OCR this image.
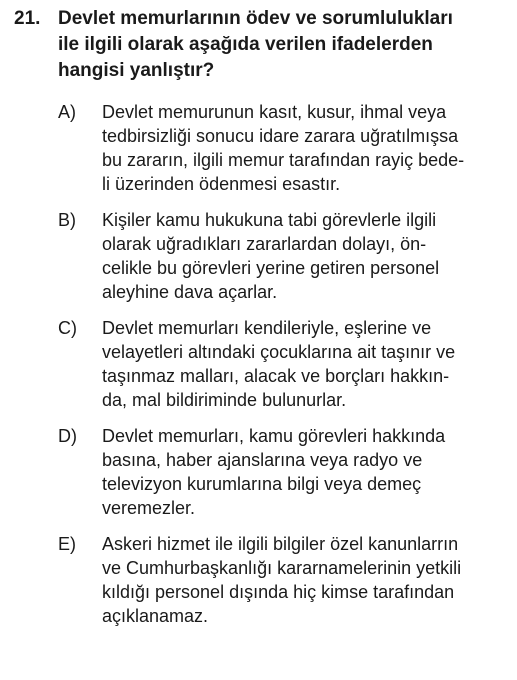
21. Devlet memurlarının ödev ve sorumlulukları
ile ilgili olarak aşağıda verilen ifadelerden
hangisi yanlıştır?
A)	Devlet memurunun kasıt, kusur, ihmal veya
tedbirsizliği sonucu idare zarara uğratılmışsa
bu zararın, ilgili memur tarafından rayiç bede-
li üzerinden ödenmesi esastır.
B)	Kişiler kamu hukukuna tabi görevlerle ilgili
olarak uğradıkları zararlardan dolayı, ön-
celikle bu görevleri yerine getiren personel
aleyhine dava açarlar.
C)	Devlet memurları kendileriyle, eşlerine ve
velayetleri altındaki çocuklarına ait taşınır ve
taşınmaz malları, alacak ve borçları hakkın-
da, mal bildiriminde bulunurlar.
D)	Devlet memurları, kamu görevleri hakkında
basına, haber ajanslarına veya radyo ve
televizyon kurumlarına bilgi veya demeç
veremezler.
E)	Askeri hizmet ile ilgili bilgiler özel kanunlarrın
ve Cumhurbaşkanlığı kararnamelerinin yetkili
kıldığı personel dışında hiç kimse tarafından
açıklanamaz.
